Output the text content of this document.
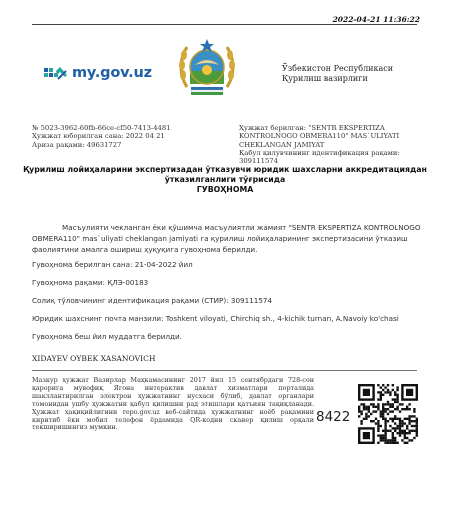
2022-04-21 11:36:22
my.gov.uz	Ўзбекистон Республикаси
Қурилиш вазирлиги
№ 5023-3962-60fb-66ce-cf50-7413-4481
Ҳужжат юборилган сана: 2022 04 21
Ариза рақами: 49631727
Ҳужжат берилган: "SENTR EKSPERTIZA KONTROLNOGO OBMERA110" MAS`ULIYATI CHEKLANGAN JAMIYAT
Қабул қилувчининг идентификация рақами: 309111574
Қурилиш лойиҳаларини экспертизадан ўтказувчи юридик шахсларни аккредитациядан
ўтказилганлиги тўғрисида
ГУВОҲНОМА
Масъулияти чекланган ёки қўшимча масъулиятли жамият "SENTR EKSPERTIZA KONTROLNOGO OBMERA110" mas`uliyati cheklangan jamiyati га қурилиш лойиҳаларининг экспертизасини ўтказиш фаолиятини амалга ошириш ҳуқуқига гувоҳнома берилди.
Гувоҳнома берилган сана: 21-04-2022 йил
Гувоҳнома рақами: ҚЛЭ-00183
Солиқ тўловчининг идентификация рақами (СТИР): 309111574
Юридик шахснинг почта манзили: Toshkent viloyati, Chirchiq sh., 4-kichik turnan, A.Navoiy ko'chasi
Гувоҳнома беш йил муддатга берилди.
XIDAYEV OYBEK XASANOVICH
Мазкур ҳужжат Вазирлар Маҳкамасининг 2017 йил 15 сентябрдаги 728-сон қарорига мувофиқ Ягона интерактив давлат хизматлари порталида шакллантирилган электрон ҳужжатнинг нусхаси бўлиб, давлат органлари томонидан ушбу ҳужжатни қабул қилишни рад этишлари қатъиян тақиқланади. Ҳужжат ҳақиқийлигини repo.gov.uz веб-сайтида ҳужжатнинг ноёб рақамини киритиб ёки мобил телефон ёрдамида QR-кодни сканер қилиш орқали текширишингиз мумкин.
8422
